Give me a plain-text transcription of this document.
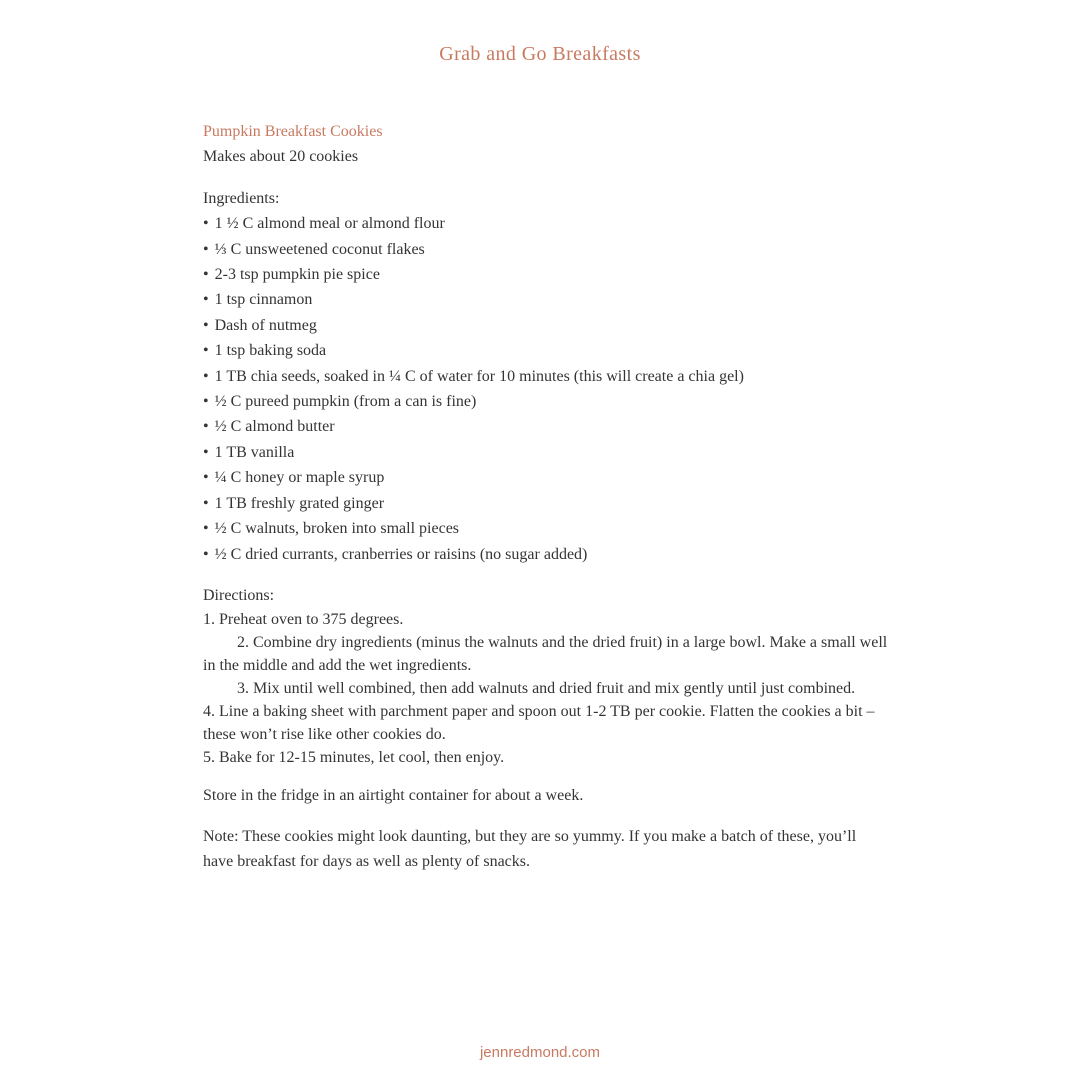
Grab and Go Breakfasts
Pumpkin Breakfast Cookies
Makes about 20 cookies
Ingredients:
• 1 ½ C almond meal or almond flour
• ⅓ C unsweetened coconut flakes
• 2-3 tsp pumpkin pie spice
• 1 tsp cinnamon
• Dash of nutmeg
• 1 tsp baking soda
• 1 TB chia seeds, soaked in ¼ C of water for 10 minutes (this will create a chia gel)
• ½ C pureed pumpkin (from a can is fine)
• ½ C almond butter
• 1 TB vanilla
• ¼ C honey or maple syrup
• 1 TB freshly grated ginger
• ½ C walnuts, broken into small pieces
• ½ C dried currants, cranberries or raisins (no sugar added)
Directions:
1. Preheat oven to 375 degrees.
2. Combine dry ingredients (minus the walnuts and the dried fruit) in a large bowl. Make a small well in the middle and add the wet ingredients.
3. Mix until well combined, then add walnuts and dried fruit and mix gently until just combined.
4. Line a baking sheet with parchment paper and spoon out 1-2 TB per cookie. Flatten the cookies a bit – these won’t rise like other cookies do.
5. Bake for 12-15 minutes, let cool, then enjoy.

Store in the fridge in an airtight container for about a week.

Note: These cookies might look daunting, but they are so yummy. If you make a batch of these, you’ll have breakfast for days as well as plenty of snacks.

jennredmond.com
